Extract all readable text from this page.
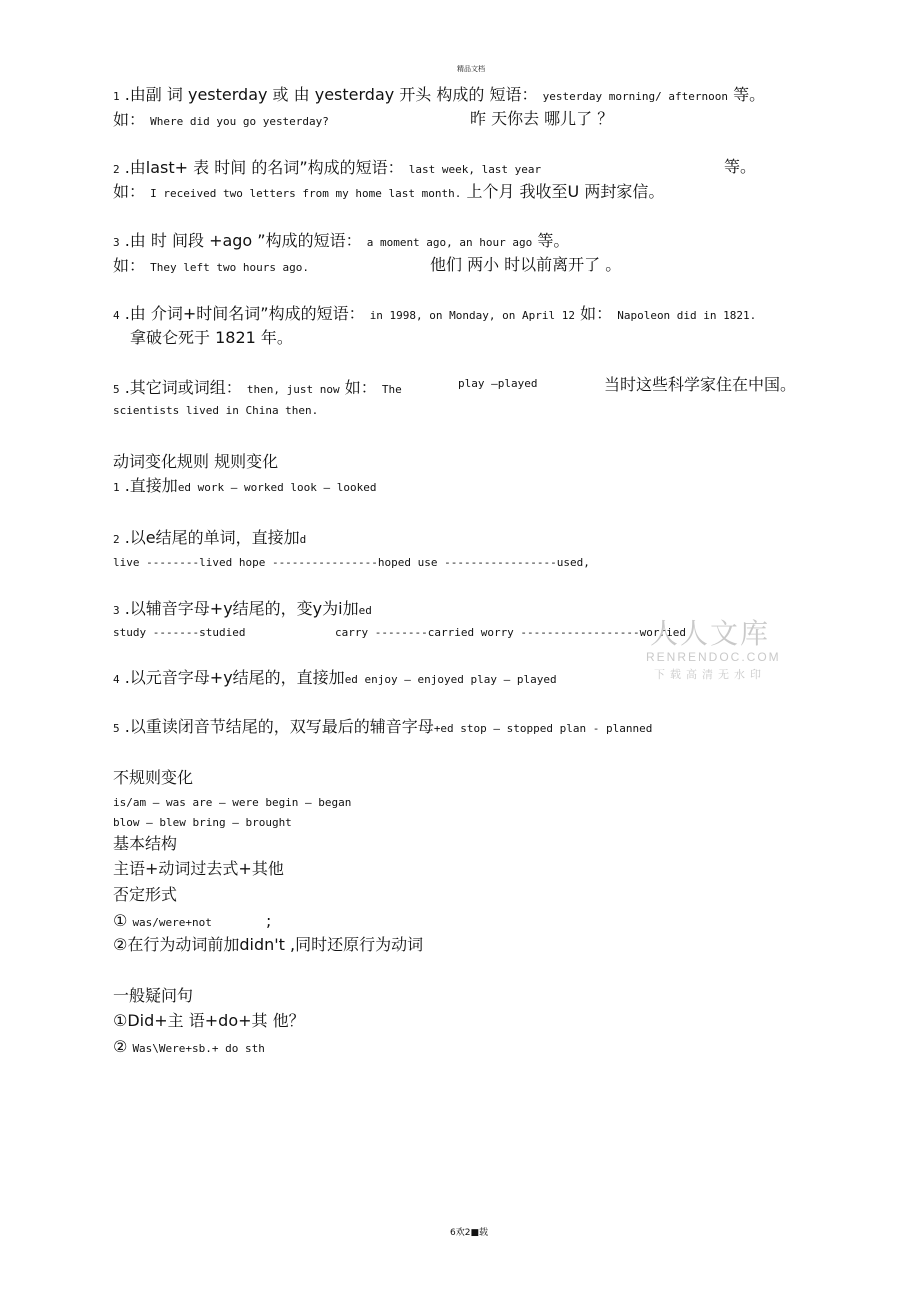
精品文档
1 .由副 词 yesterday 或 由 yesterday 开头 构成的 短语： yesterday morning/ afternoon 等。
如： Where did you go yesterday?	昨 天你去 哪儿了 ？
2 .由last+ 表 时间 的名词”构成的短语： last week, last year	等。
如： I received two letters from my home last month. 上个月 我收至U 两封家信。
3 .由 时 间段 +ago ”构成的短语： a moment ago, an hour ago 等。
如： They left two hours ago.	他们 两小 时以前离开了 。
4 .由 介词+时间名词”构成的短语： in 1998, on Monday, on April 12 如： Napoleon did in 1821.
拿破仑死于 1821 年。
5 .其它词或词组： then, just now 如： The	play —played	当时这些科学家住在中国。
scientists lived in China then.
动词变化规则 规则变化
1 .直接加ed work — worked look — looked
2 .以e结尾的单词，直接加d
live --------lived hope ----------------hoped use -----------------used,
3 .以辅音字母+y结尾的，变y为i加ed
study -------studied	carry --------carried worry ------------------worried
4 .以元音字母+y结尾的，直接加ed enjoy — enjoyed play — played
5 .以重读闭音节结尾的，双写最后的辅音字母+ed stop — stopped plan - planned
不规则变化
is/am — was are — were begin — began
blow — blew bring — brought
基本结构
主语+动词过去式+其他
否定形式
① was/were+not	;
②在行为动词前加didn't ,同时还原行为动词
一般疑问句
①Did+主 语+do+其 他？
② Was\Were+sb.+ do sth
人人文库
RENRENDOC.COM
下载高清无水印
6欢2■载
